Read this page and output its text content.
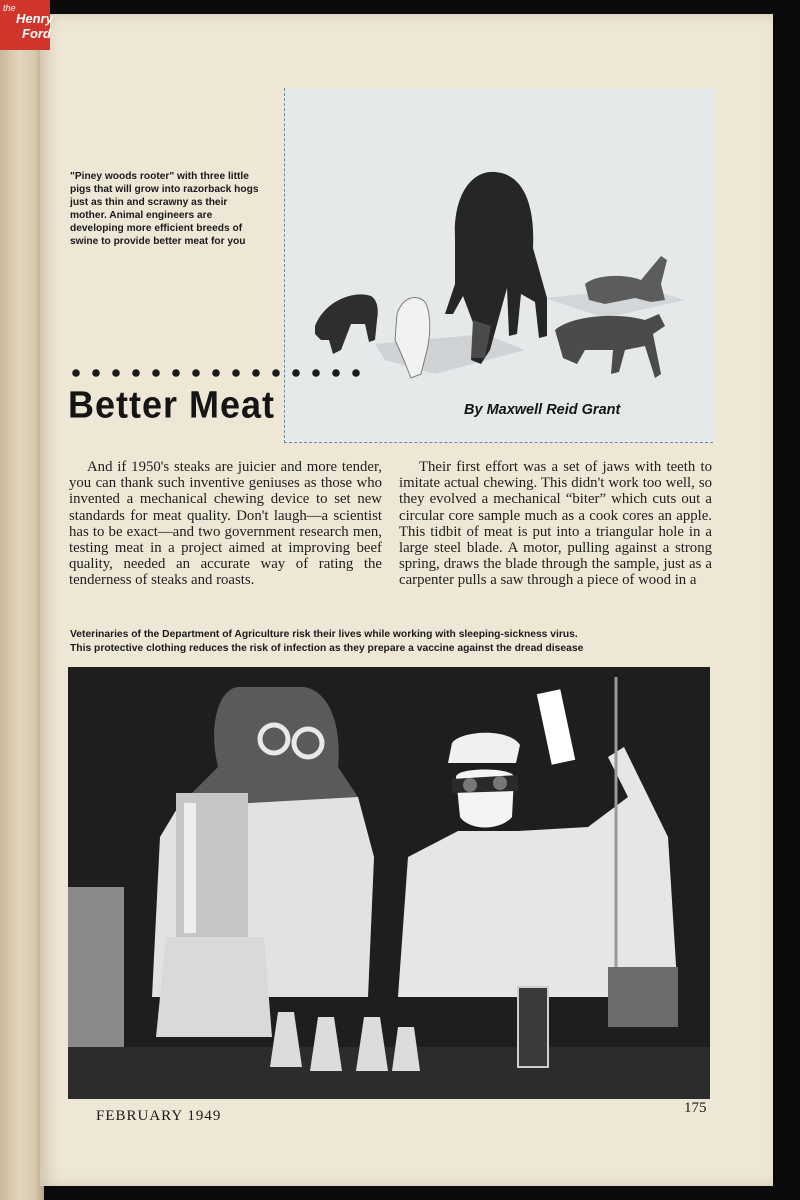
the
Henry
Ford

"Piney woods rooter" with three little pigs that will grow into razorback hogs just as thin and scrawny as their mother. Animal engineers are developing more efficient breeds of swine to provide better meat for you

Better Meat	By Maxwell Reid Grant

And if 1950's steaks are juicier and more tender, you can thank such inventive geniuses as those who invented a mechanical chewing device to set new standards for meat quality. Don't laugh—a scientist has to be exact—and two government research men, testing meat in a project aimed at improving beef quality, needed an accurate way of rating the tenderness of steaks and roasts.

Their first effort was a set of jaws with teeth to imitate actual chewing. This didn't work too well, so they evolved a mechanical “biter” which cuts out a circular core sample much as a cook cores an apple. This tidbit of meat is put into a triangular hole in a large steel blade. A motor, pulling against a strong spring, draws the blade through the sample, just as a carpenter pulls a saw through a piece of wood in a

Veterinaries of the Department of Agriculture risk their lives while working with sleeping-sickness virus.
This protective clothing reduces the risk of infection as they prepare a vaccine against the dread disease

FEBRUARY 1949	175
